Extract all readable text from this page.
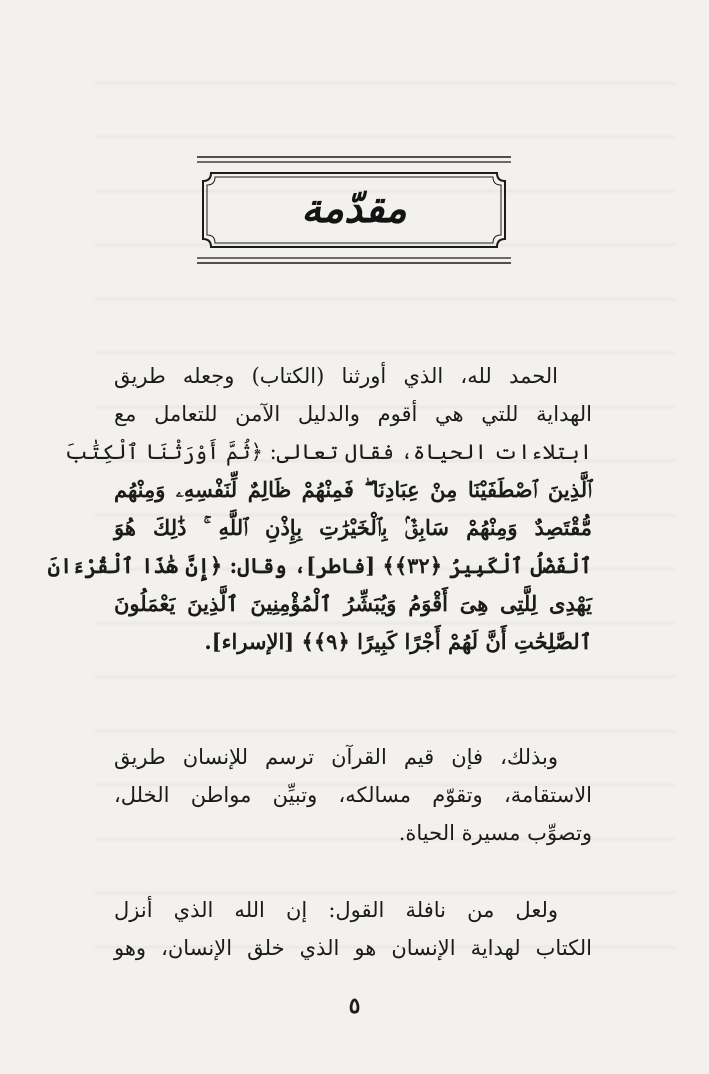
مقدّمة
الحمد لله، الذي أورثنا (الكتاب) وجعله طريق
الهداية للتي هي أقوم والدليل الآمن للتعامل مع
ابتلاءات الحياة، فقال تعالى: ﴿ثُمَّ أَوْرَثْنَا ٱلْكِتَٰبَ
ٱلَّذِينَ ٱصْطَفَيْنَا مِنْ عِبَادِنَا ۖ فَمِنْهُمْ ظَالِمٌ لِّنَفْسِهِۦ وَمِنْهُم
مُّقْتَصِدٌ وَمِنْهُمْ سَابِقٌۢ بِٱلْخَيْرَٰتِ بِإِذْنِ ٱللَّهِ ۚ ذَٰلِكَ هُوَ
ٱلْفَضْلُ ٱلْكَبِيرُ ﴿٣٢﴾﴾ [فاطر]، وقال: ﴿إِنَّ هَٰذَا ٱلْقُرْءَانَ
يَهْدِى لِلَّتِى هِىَ أَقْوَمُ وَيُبَشِّرُ ٱلْمُؤْمِنِينَ ٱلَّذِينَ يَعْمَلُونَ
ٱلصَّٰلِحَٰتِ أَنَّ لَهُمْ أَجْرًا كَبِيرًا ﴿٩﴾﴾ [الإسراء].
وبذلك، فإن قيم القرآن ترسم للإنسان طريق
الاستقامة، وتقوّم مسالكه، وتبيِّن مواطن الخلل،
وتصوِّب مسيرة الحياة.
ولعل من نافلة القول: إن الله الذي أنزل
الكتاب لهداية الإنسان هو الذي خلق الإنسان، وهو
٥
